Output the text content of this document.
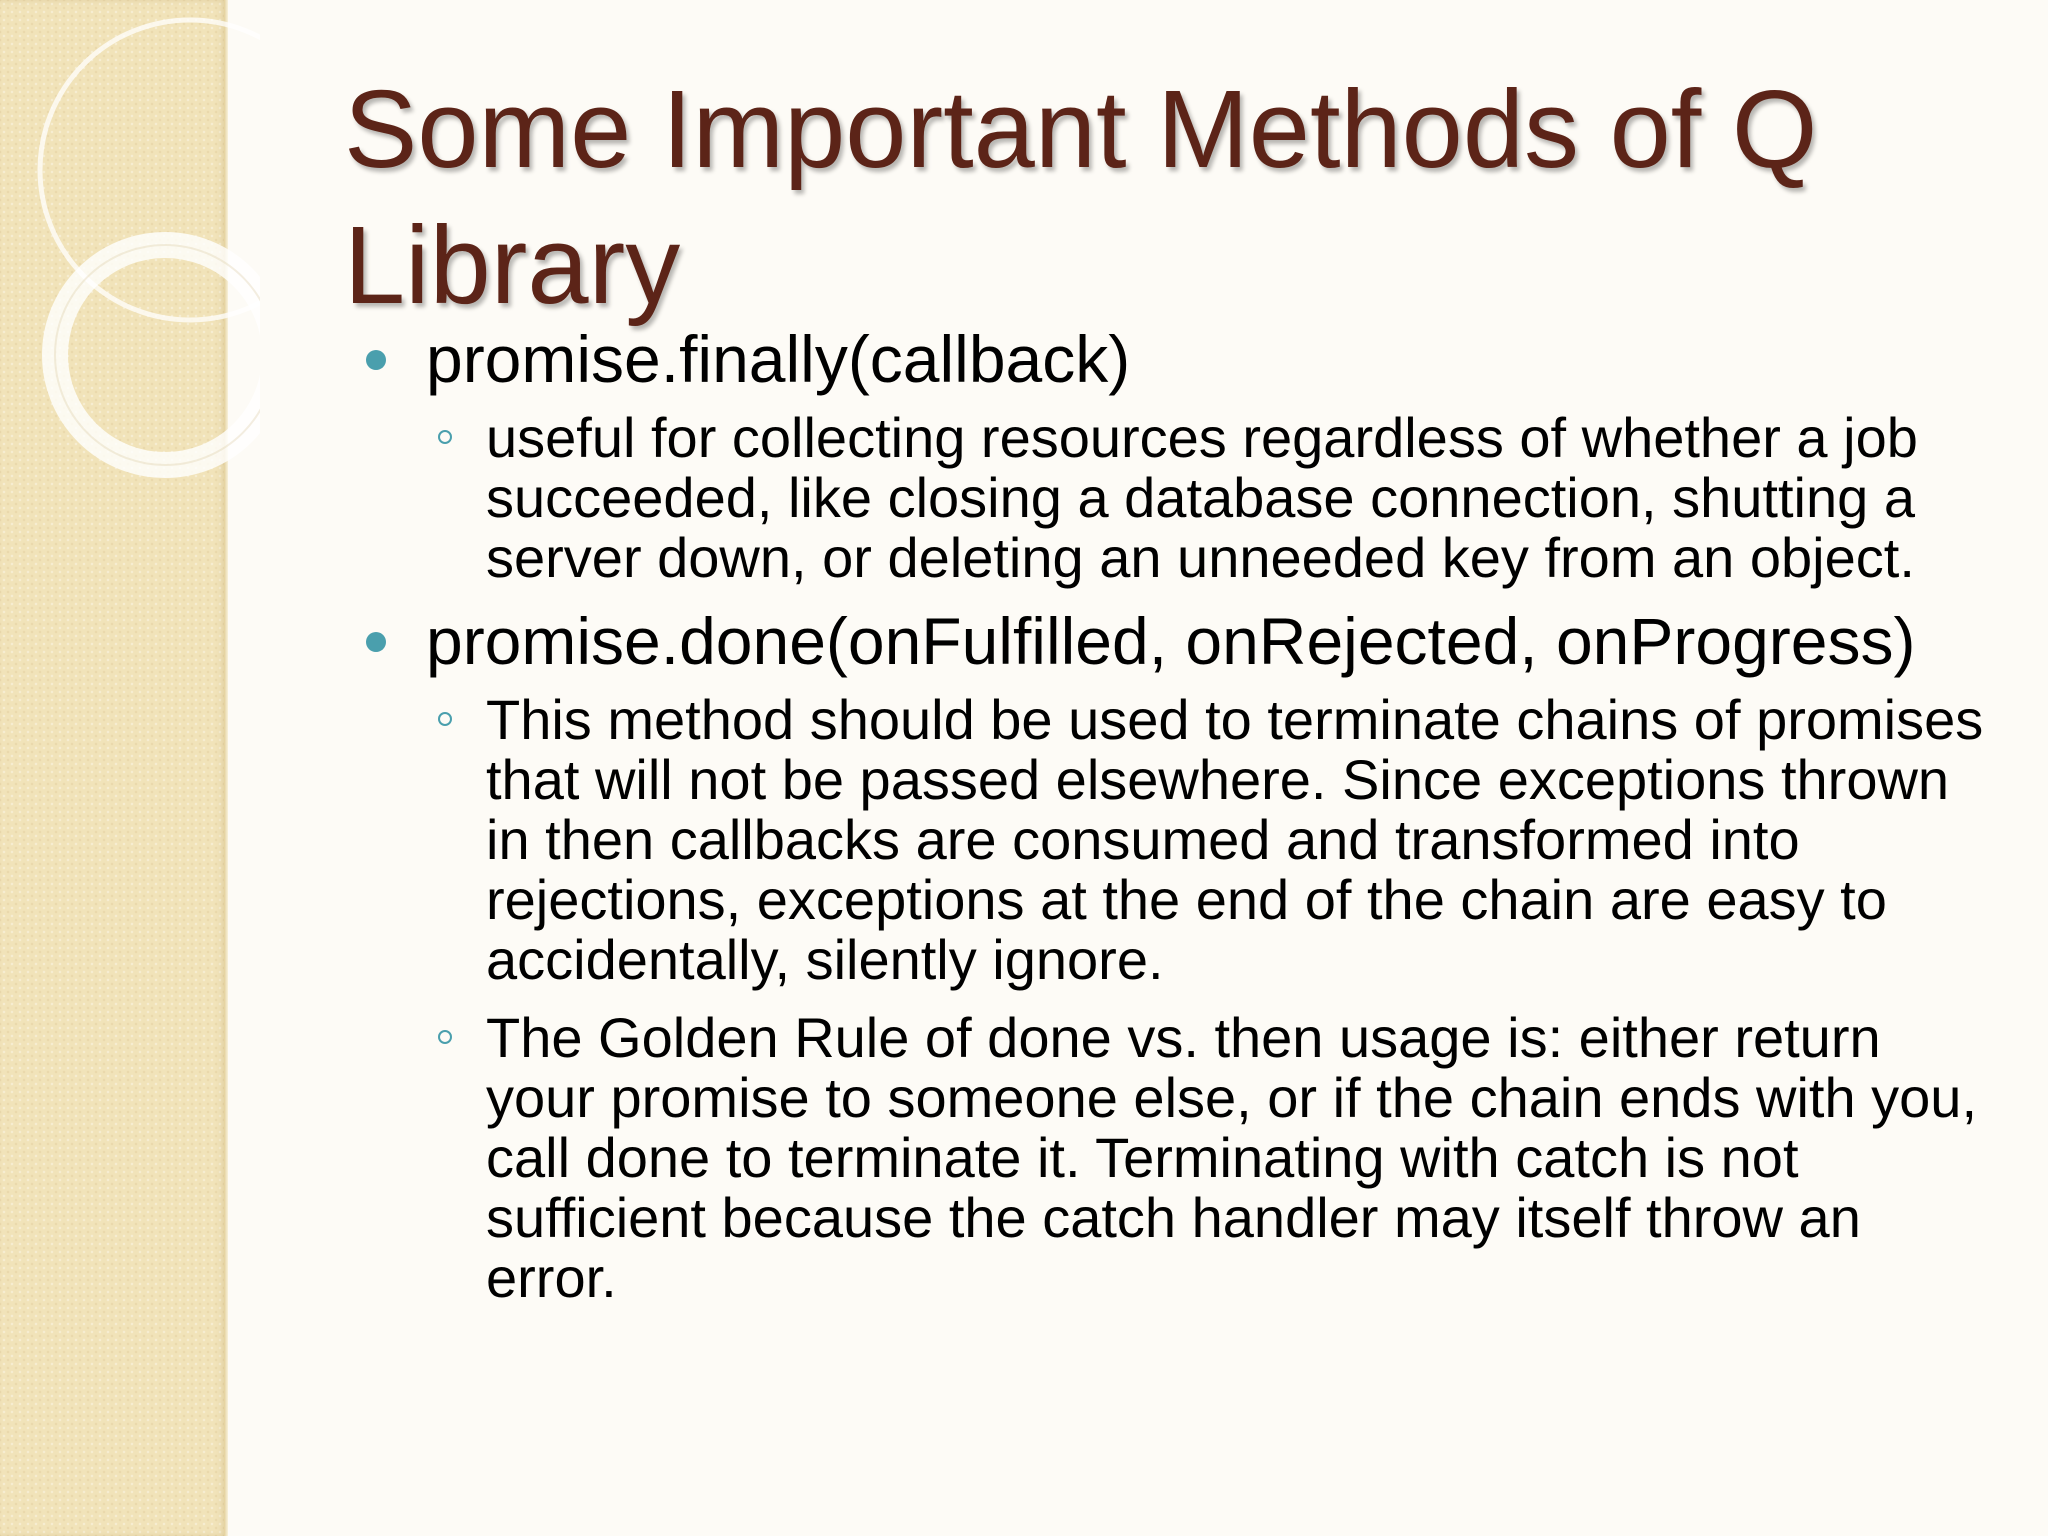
Some Important Methods of Q Library
promise.finally(callback)
useful for collecting resources regardless of whether a job succeeded, like closing a database connection, shutting a server down, or deleting an unneeded key from an object.
promise.done(onFulfilled, onRejected, onProgress)
This method should be used to terminate chains of promises that will not be passed elsewhere. Since exceptions thrown in then callbacks are consumed and transformed into rejections, exceptions at the end of the chain are easy to accidentally, silently ignore.
The Golden Rule of done vs. then usage is: either return your promise to someone else, or if the chain ends with you, call done to terminate it. Terminating with catch is not sufficient because the catch handler may itself throw an error.
